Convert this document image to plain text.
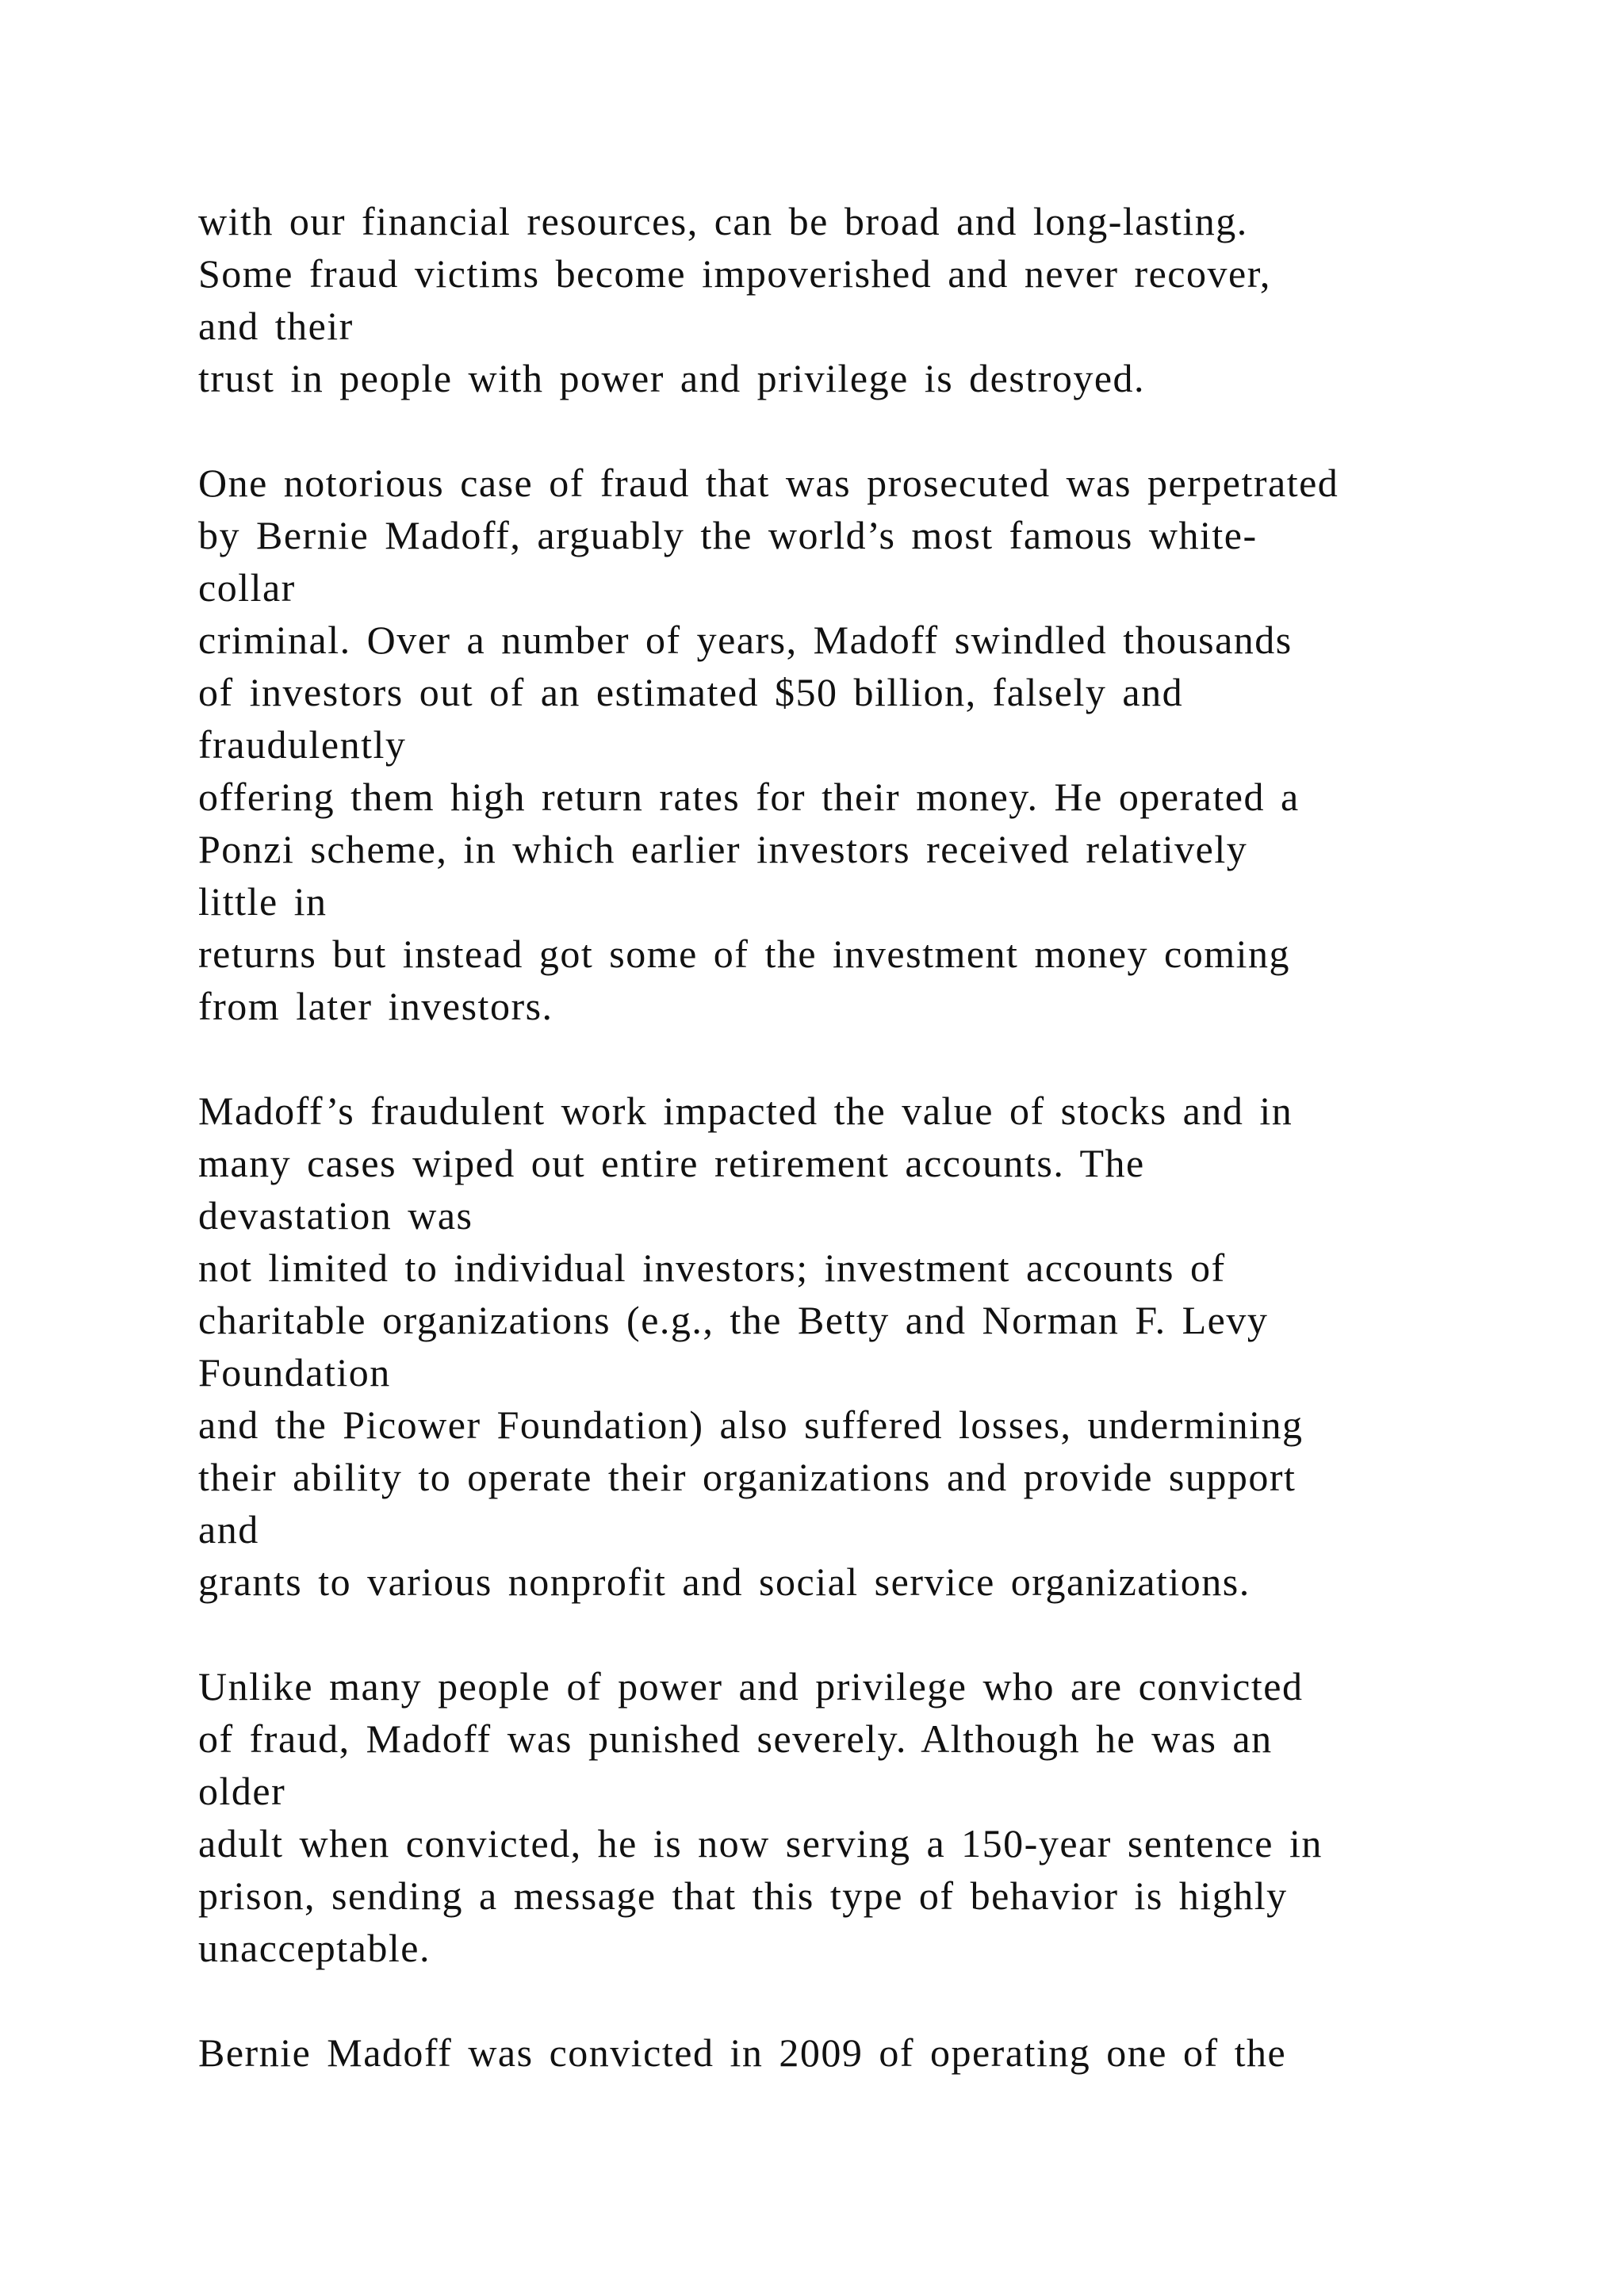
with our financial resources, can be broad and long-lasting.
Some fraud victims become impoverished and never recover,
and their
trust in people with power and privilege is destroyed.
One notorious case of fraud that was prosecuted was perpetrated
by Bernie Madoff, arguably the world’s most famous white-
collar
criminal. Over a number of years, Madoff swindled thousands
of investors out of an estimated $50 billion, falsely and
fraudulently
offering them high return rates for their money. He operated a
Ponzi scheme, in which earlier investors received relatively
little in
returns but instead got some of the investment money coming
from later investors.
Madoff’s fraudulent work impacted the value of stocks and in
many cases wiped out entire retirement accounts. The
devastation was
not limited to individual investors; investment accounts of
charitable organizations (e.g., the Betty and Norman F. Levy
Foundation
and the Picower Foundation) also suffered losses, undermining
their ability to operate their organizations and provide support
and
grants to various nonprofit and social service organizations.
Unlike many people of power and privilege who are convicted
of fraud, Madoff was punished severely. Although he was an
older
adult when convicted, he is now serving a 150-year sentence in
prison, sending a message that this type of behavior is highly
unacceptable.
Bernie Madoff was convicted in 2009 of operating one of the
